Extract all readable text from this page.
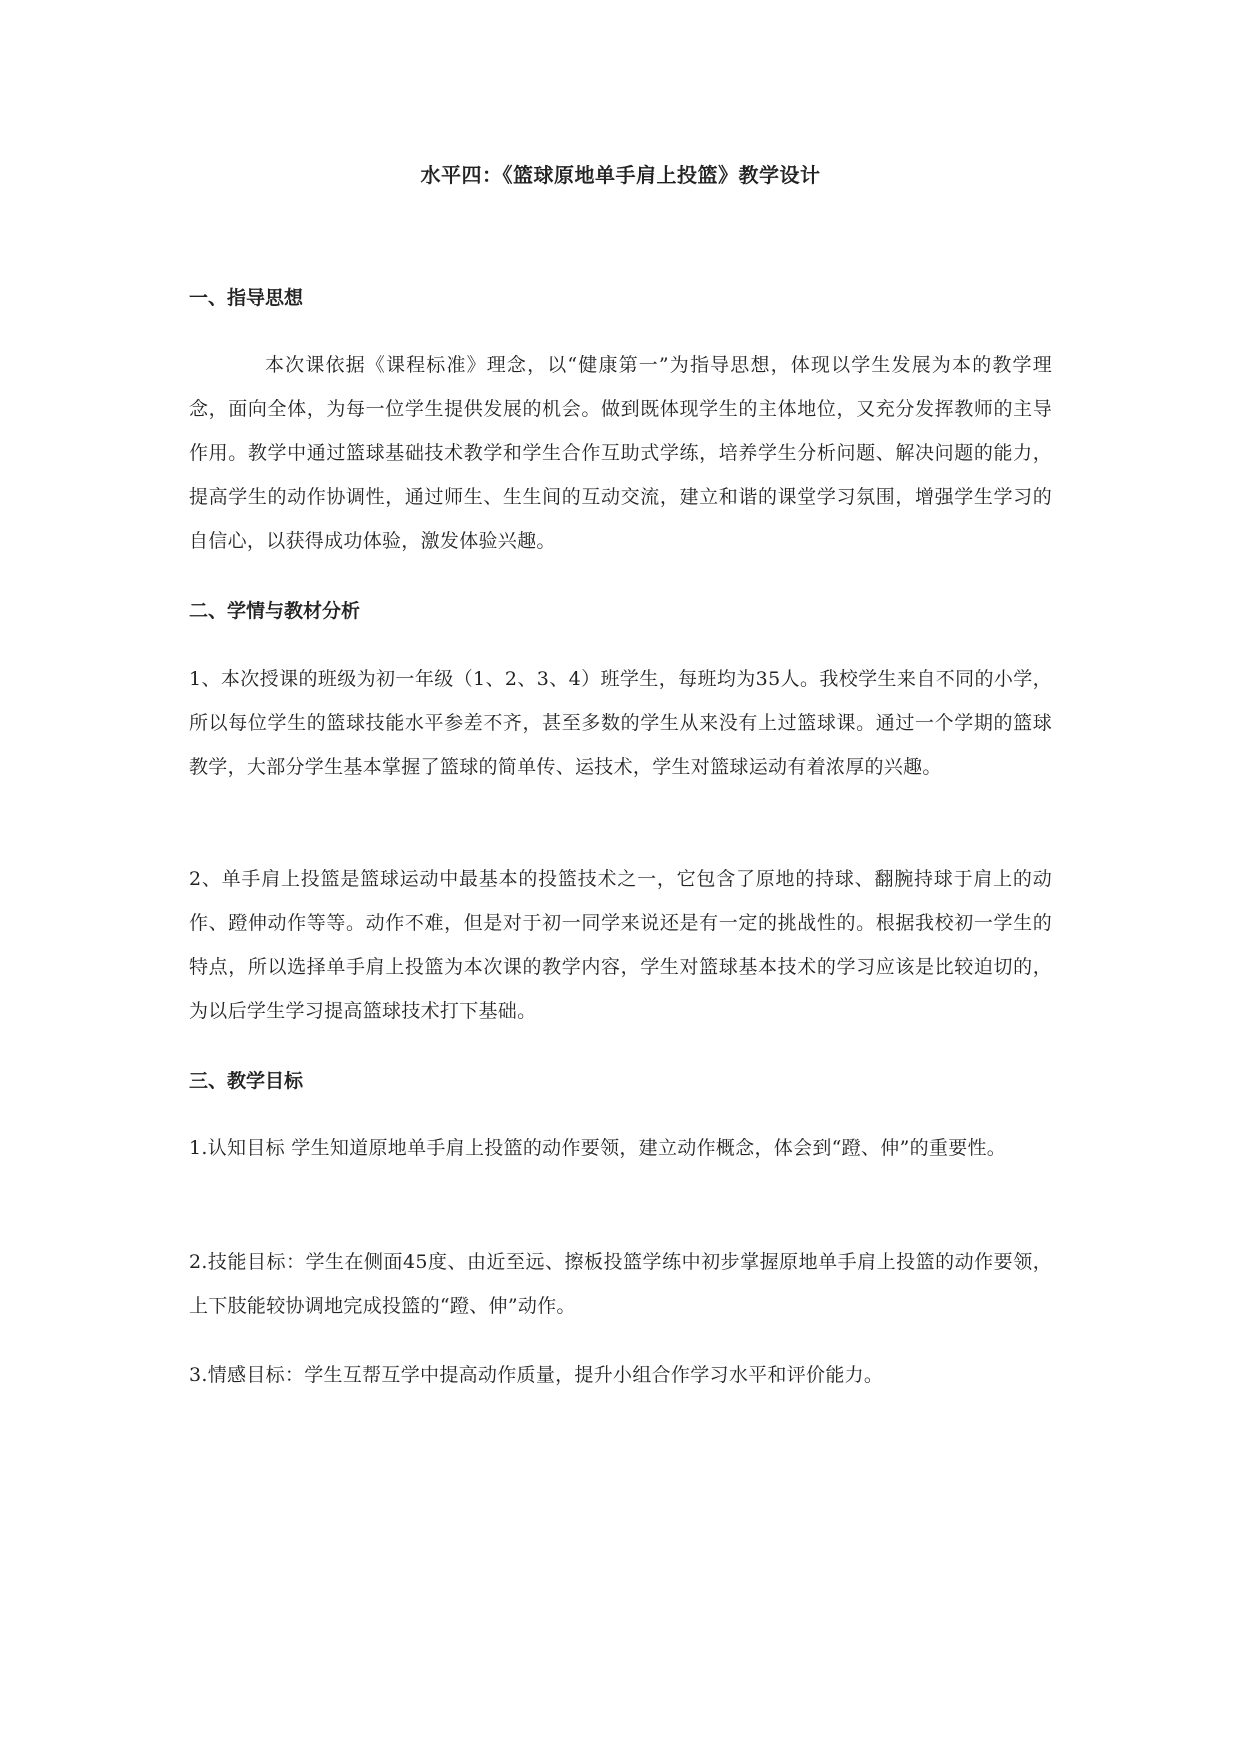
水平四：《篮球原地单手肩上投篮》教学设计
一、指导思想

本次课依据《课程标准》理念，以“健康第一”为指导思想，体现以学生发展为本的教学理念，面向全体，为每一位学生提供发展的机会。做到既体现学生的主体地位，又充分发挥教师的主导作用。教学中通过篮球基础技术教学和学生合作互助式学练，培养学生分析问题、解决问题的能力，提高学生的动作协调性，通过师生、生生间的互动交流，建立和谐的课堂学习氛围，增强学生学习的自信心，以获得成功体验，激发体验兴趣。

二、学情与教材分析

1、本次授课的班级为初一年级（1、2、3、4）班学生，每班均为35人。我校学生来自不同的小学，所以每位学生的篮球技能水平参差不齐，甚至多数的学生从来没有上过篮球课。通过一个学期的篮球教学，大部分学生基本掌握了篮球的简单传、运技术，学生对篮球运动有着浓厚的兴趣。

2、单手肩上投篮是篮球运动中最基本的投篮技术之一，它包含了原地的持球、翻腕持球于肩上的动作、蹬伸动作等等。动作不难，但是对于初一同学来说还是有一定的挑战性的。根据我校初一学生的特点，所以选择单手肩上投篮为本次课的教学内容，学生对篮球基本技术的学习应该是比较迫切的，为以后学生学习提高篮球技术打下基础。

三、教学目标

1.认知目标 学生知道原地单手肩上投篮的动作要领，建立动作概念，体会到“蹬、伸”的重要性。

2.技能目标：学生在侧面45度、由近至远、擦板投篮学练中初步掌握原地单手肩上投篮的动作要领，上下肢能较协调地完成投篮的“蹬、伸”动作。

3.情感目标：学生互帮互学中提高动作质量，提升小组合作学习水平和评价能力。
